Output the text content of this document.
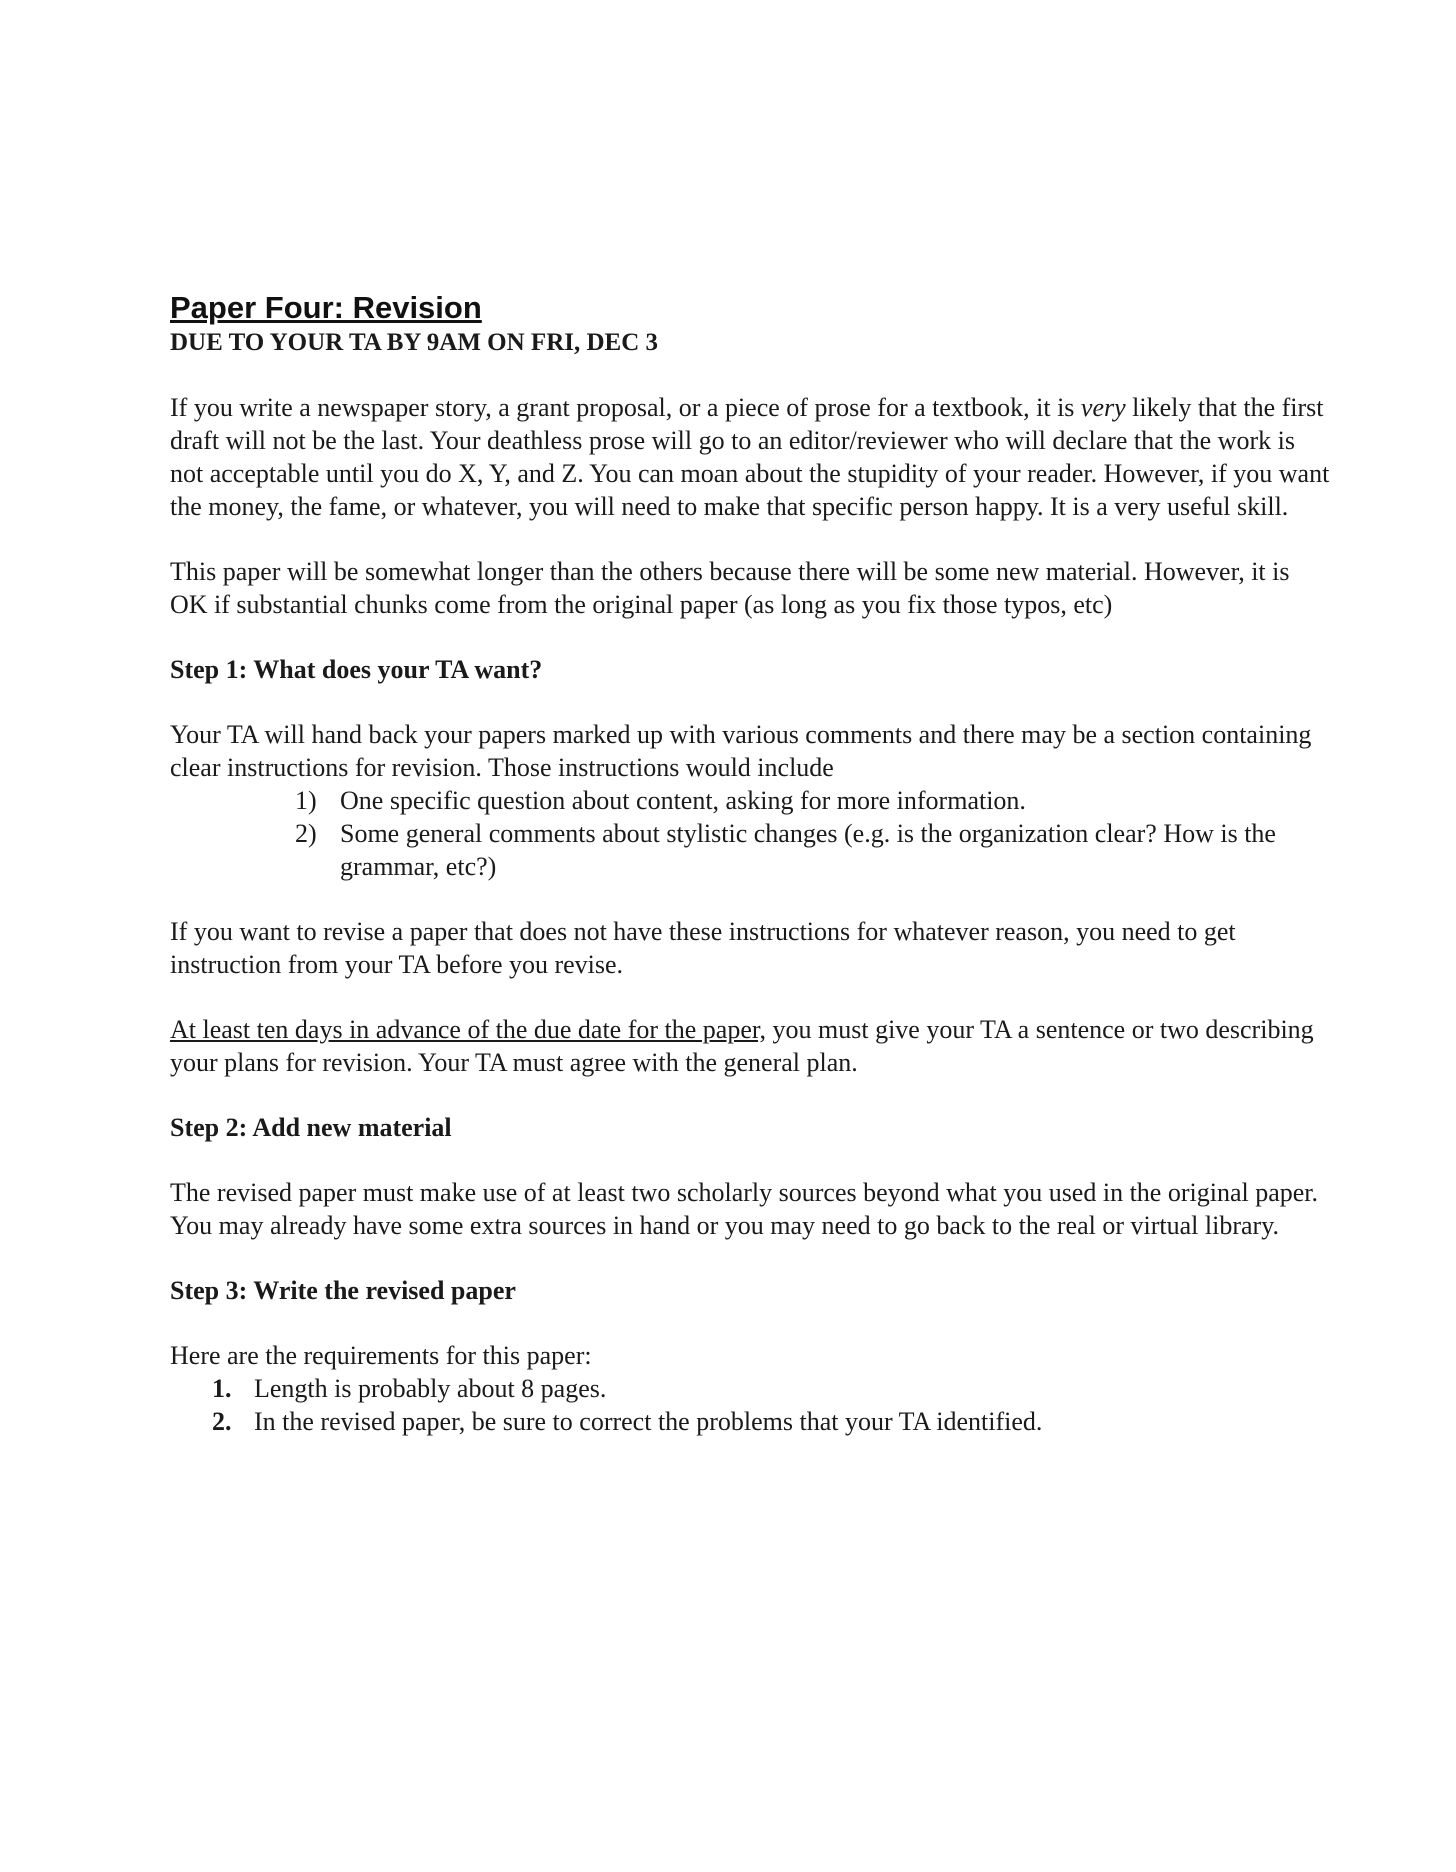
Paper Four: Revision
DUE TO YOUR TA BY 9AM ON FRI, DEC 3

If you write a newspaper story, a grant proposal, or a piece of prose for a textbook, it is very likely that the first draft will not be the last. Your deathless prose will go to an editor/reviewer who will declare that the work is not acceptable until you do X, Y, and Z. You can moan about the stupidity of your reader. However, if you want the money, the fame, or whatever, you will need to make that specific person happy. It is a very useful skill.

This paper will be somewhat longer than the others because there will be some new material. However, it is OK if substantial chunks come from the original paper (as long as you fix those typos, etc)

Step 1: What does your TA want?

Your TA will hand back your papers marked up with various comments and there may be a section containing clear instructions for revision. Those instructions would include

1) One specific question about content, asking for more information.
2) Some general comments about stylistic changes (e.g. is the organization clear? How is the grammar, etc?)

If you want to revise a paper that does not have these instructions for whatever reason, you need to get instruction from your TA before you revise.

At least ten days in advance of the due date for the paper, you must give your TA a sentence or two describing your plans for revision. Your TA must agree with the general plan.

Step 2: Add new material

The revised paper must make use of at least two scholarly sources beyond what you used in the original paper. You may already have some extra sources in hand or you may need to go back to the real or virtual library.

Step 3: Write the revised paper

Here are the requirements for this paper:

1. Length is probably about 8 pages.
2. In the revised paper, be sure to correct the problems that your TA identified.
